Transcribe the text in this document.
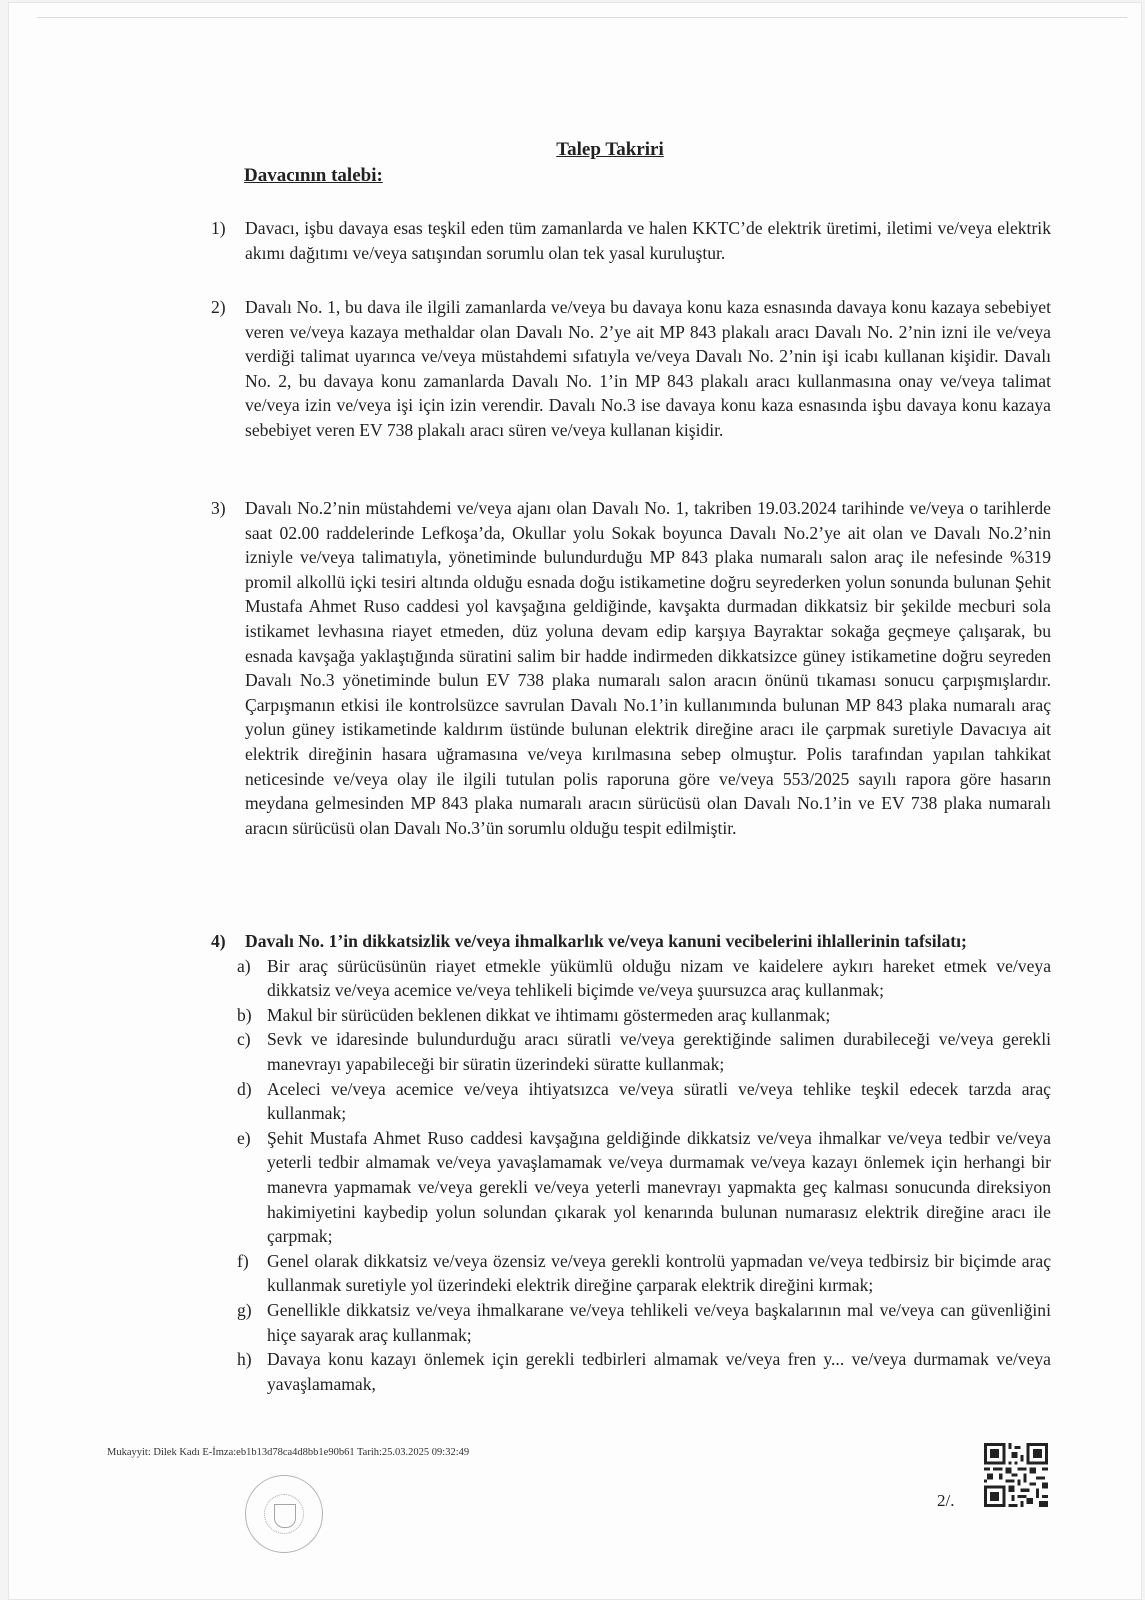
Talep Takriri
Davacının talebi:
1)	Davacı, işbu davaya esas teşkil eden tüm zamanlarda ve halen KKTC’de elektrik üretimi, iletimi ve/veya elektrik akımı dağıtımı ve/veya satışından sorumlu olan tek yasal kuruluştur.
2)	Davalı No. 1, bu dava ile ilgili zamanlarda ve/veya bu davaya konu kaza esnasında davaya konu kazaya sebebiyet veren ve/veya kazaya methaldar olan Davalı No. 2’ye ait MP 843 plakalı aracı Davalı No. 2’nin izni ile ve/veya verdiği talimat uyarınca ve/veya müstahdemi sıfatıyla ve/veya Davalı No. 2’nin işi icabı kullanan kişidir. Davalı No. 2, bu davaya konu zamanlarda Davalı No. 1’in MP 843 plakalı aracı kullanmasına onay ve/veya talimat ve/veya izin ve/veya işi için izin verendir. Davalı No.3 ise davaya konu kaza esnasında işbu davaya konu kazaya sebebiyet veren EV 738 plakalı aracı süren ve/veya kullanan kişidir.
3)	Davalı No.2’nin müstahdemi ve/veya ajanı olan Davalı No. 1, takriben 19.03.2024 tarihinde ve/veya o tarihlerde saat 02.00 raddelerinde Lefkoşa’da, Okullar yolu Sokak boyunca Davalı No.2’ye ait olan ve Davalı No.2’nin izniyle ve/veya talimatıyla, yönetiminde bulundurduğu MP 843 plaka numaralı salon araç ile nefesinde %319 promil alkollü içki tesiri altında olduğu esnada doğu istikametine doğru seyrederken yolun sonunda bulunan Şehit Mustafa Ahmet Ruso caddesi yol kavşağına geldiğinde, kavşakta durmadan dikkatsiz bir şekilde mecburi sola istikamet levhasına riayet etmeden, düz yoluna devam edip karşıya Bayraktar sokağa geçmeye çalışarak, bu esnada kavşağa yaklaştığında süratini salim bir hadde indirmeden dikkatsizce güney istikametine doğru seyreden Davalı No.3 yönetiminde bulun EV 738 plaka numaralı salon aracın önünü tıkaması sonucu çarpışmışlardır. Çarpışmanın etkisi ile kontrolsüzce savrulan Davalı No.1’in kullanımında bulunan MP 843 plaka numaralı araç yolun güney istikametinde kaldırım üstünde bulunan elektrik direğine aracı ile çarpmak suretiyle Davacıya ait elektrik direğinin hasara uğramasına ve/veya kırılmasına sebep olmuştur. Polis tarafından yapılan tahkikat neticesinde ve/veya olay ile ilgili tutulan polis raporuna göre ve/veya 553/2025 sayılı rapora göre hasarın meydana gelmesinden MP 843 plaka numaralı aracın sürücüsü olan Davalı No.1’in ve EV 738 plaka numaralı aracın sürücüsü olan Davalı No.3’ün sorumlu olduğu tespit edilmiştir.
4)	Davalı No. 1’in dikkatsizlik ve/veya ihmalkarlık ve/veya kanuni vecibelerini ihlallerinin tafsilatı;
a) Bir araç sürücüsünün riayet etmekle yükümlü olduğu nizam ve kaidelere aykırı hareket etmek ve/veya dikkatsiz ve/veya acemice ve/veya tehlikeli biçimde ve/veya şuursuzca araç kullanmak;
b) Makul bir sürücüden beklenen dikkat ve ihtimamı göstermeden araç kullanmak;
c) Sevk ve idaresinde bulundurduğu aracı süratli ve/veya gerektiğinde salimen durabileceği ve/veya gerekli manevrayı yapabileceği bir süratin üzerindeki süratte kullanmak;
d) Aceleci ve/veya acemice ve/veya ihtiyatsızca ve/veya süratli ve/veya tehlike teşkil edecek tarzda araç kullanmak;
e) Şehit Mustafa Ahmet Ruso caddesi kavşağına geldiğinde dikkatsiz ve/veya ihmalkar ve/veya tedbir ve/veya yeterli tedbir almamak ve/veya yavaşlamamak ve/veya durmamak ve/veya kazayı önlemek için herhangi bir manevra yapmamak ve/veya gerekli ve/veya yeterli manevrayı yapmakta geç kalması sonucunda direksiyon hakimiyetini kaybedip yolun solundan çıkarak yol kenarında bulunan numarasız elektrik direğine aracı ile çarpmak;
f) Genel olarak dikkatsiz ve/veya özensiz ve/veya gerekli kontrolü yapmadan ve/veya tedbirsiz bir biçimde araç kullanmak suretiyle yol üzerindeki elektrik direğine çarparak elektrik direğini kırmak;
g) Genellikle dikkatsiz ve/veya ihmalkarane ve/veya tehlikeli ve/veya başkalarının mal ve/veya can güvenliğini hiçe sayarak araç kullanmak;
h) Davaya konu kazayı önlemek için gerekli tedbirleri almamak ve/veya fren y... ve/veya durmamak ve/veya yavaşlamamak,
Mukayyit: Dilek Kadı E-İmza:eb1b13d78ca4d8bb1e90b61 Tarih:25.03.2025 09:32:49
2/.
